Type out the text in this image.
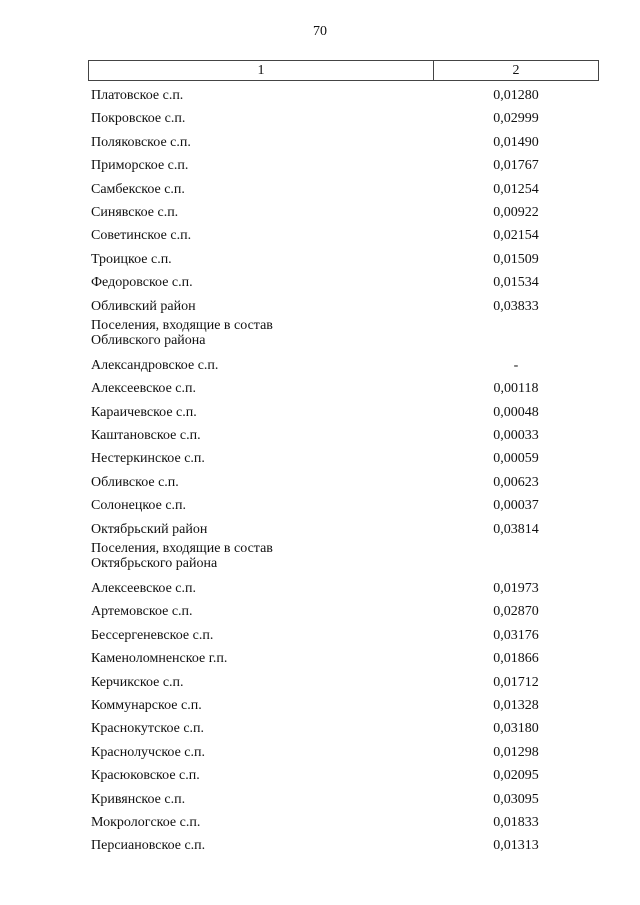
70
1	2
Платовское с.п.	0,01280
Покровское с.п.	0,02999
Поляковское с.п.	0,01490
Приморское с.п.	0,01767
Самбекское с.п.	0,01254
Синявское с.п.	0,00922
Советинское с.п.	0,02154
Троицкое с.п.	0,01509
Федоровское с.п.	0,01534
Обливский район	0,03833
Поселения, входящие в состав
Обливского района
Александровское с.п.	-
Алексеевское с.п.	0,00118
Караичевское с.п.	0,00048
Каштановское с.п.	0,00033
Нестеркинское с.п.	0,00059
Обливское с.п.	0,00623
Солонецкое с.п.	0,00037
Октябрьский район	0,03814
Поселения, входящие в состав
Октябрьского района
Алексеевское с.п.	0,01973
Артемовское с.п.	0,02870
Бессергеневское с.п.	0,03176
Каменоломненское г.п.	0,01866
Керчикское с.п.	0,01712
Коммунарское с.п.	0,01328
Краснокутское с.п.	0,03180
Краснолучское с.п.	0,01298
Красюковское с.п.	0,02095
Кривянское с.п.	0,03095
Мокрологское с.п.	0,01833
Персиановское с.п.	0,01313
